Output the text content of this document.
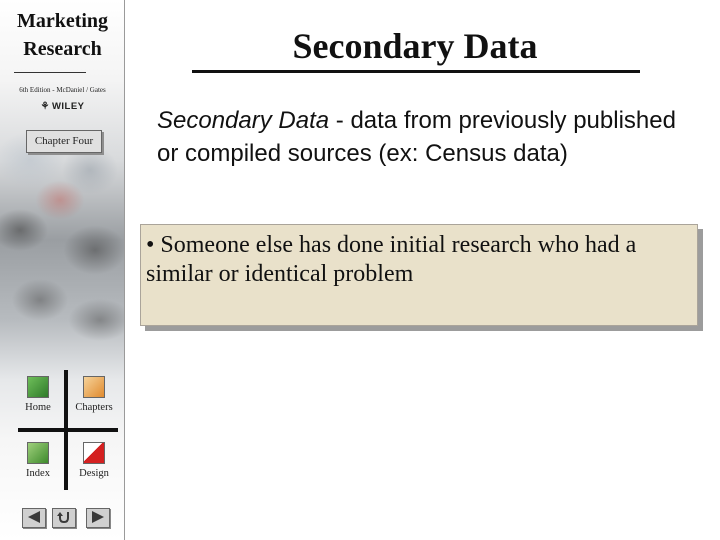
Marketing
Research
6th Edition - McDaniel / Gates
⚘ WILEY
Chapter Four
Home	Chapters
Index	Design
Secondary Data
Secondary Data - data from previously published or compiled sources (ex: Census data)
• Someone else has done initial research who had a similar or identical problem
